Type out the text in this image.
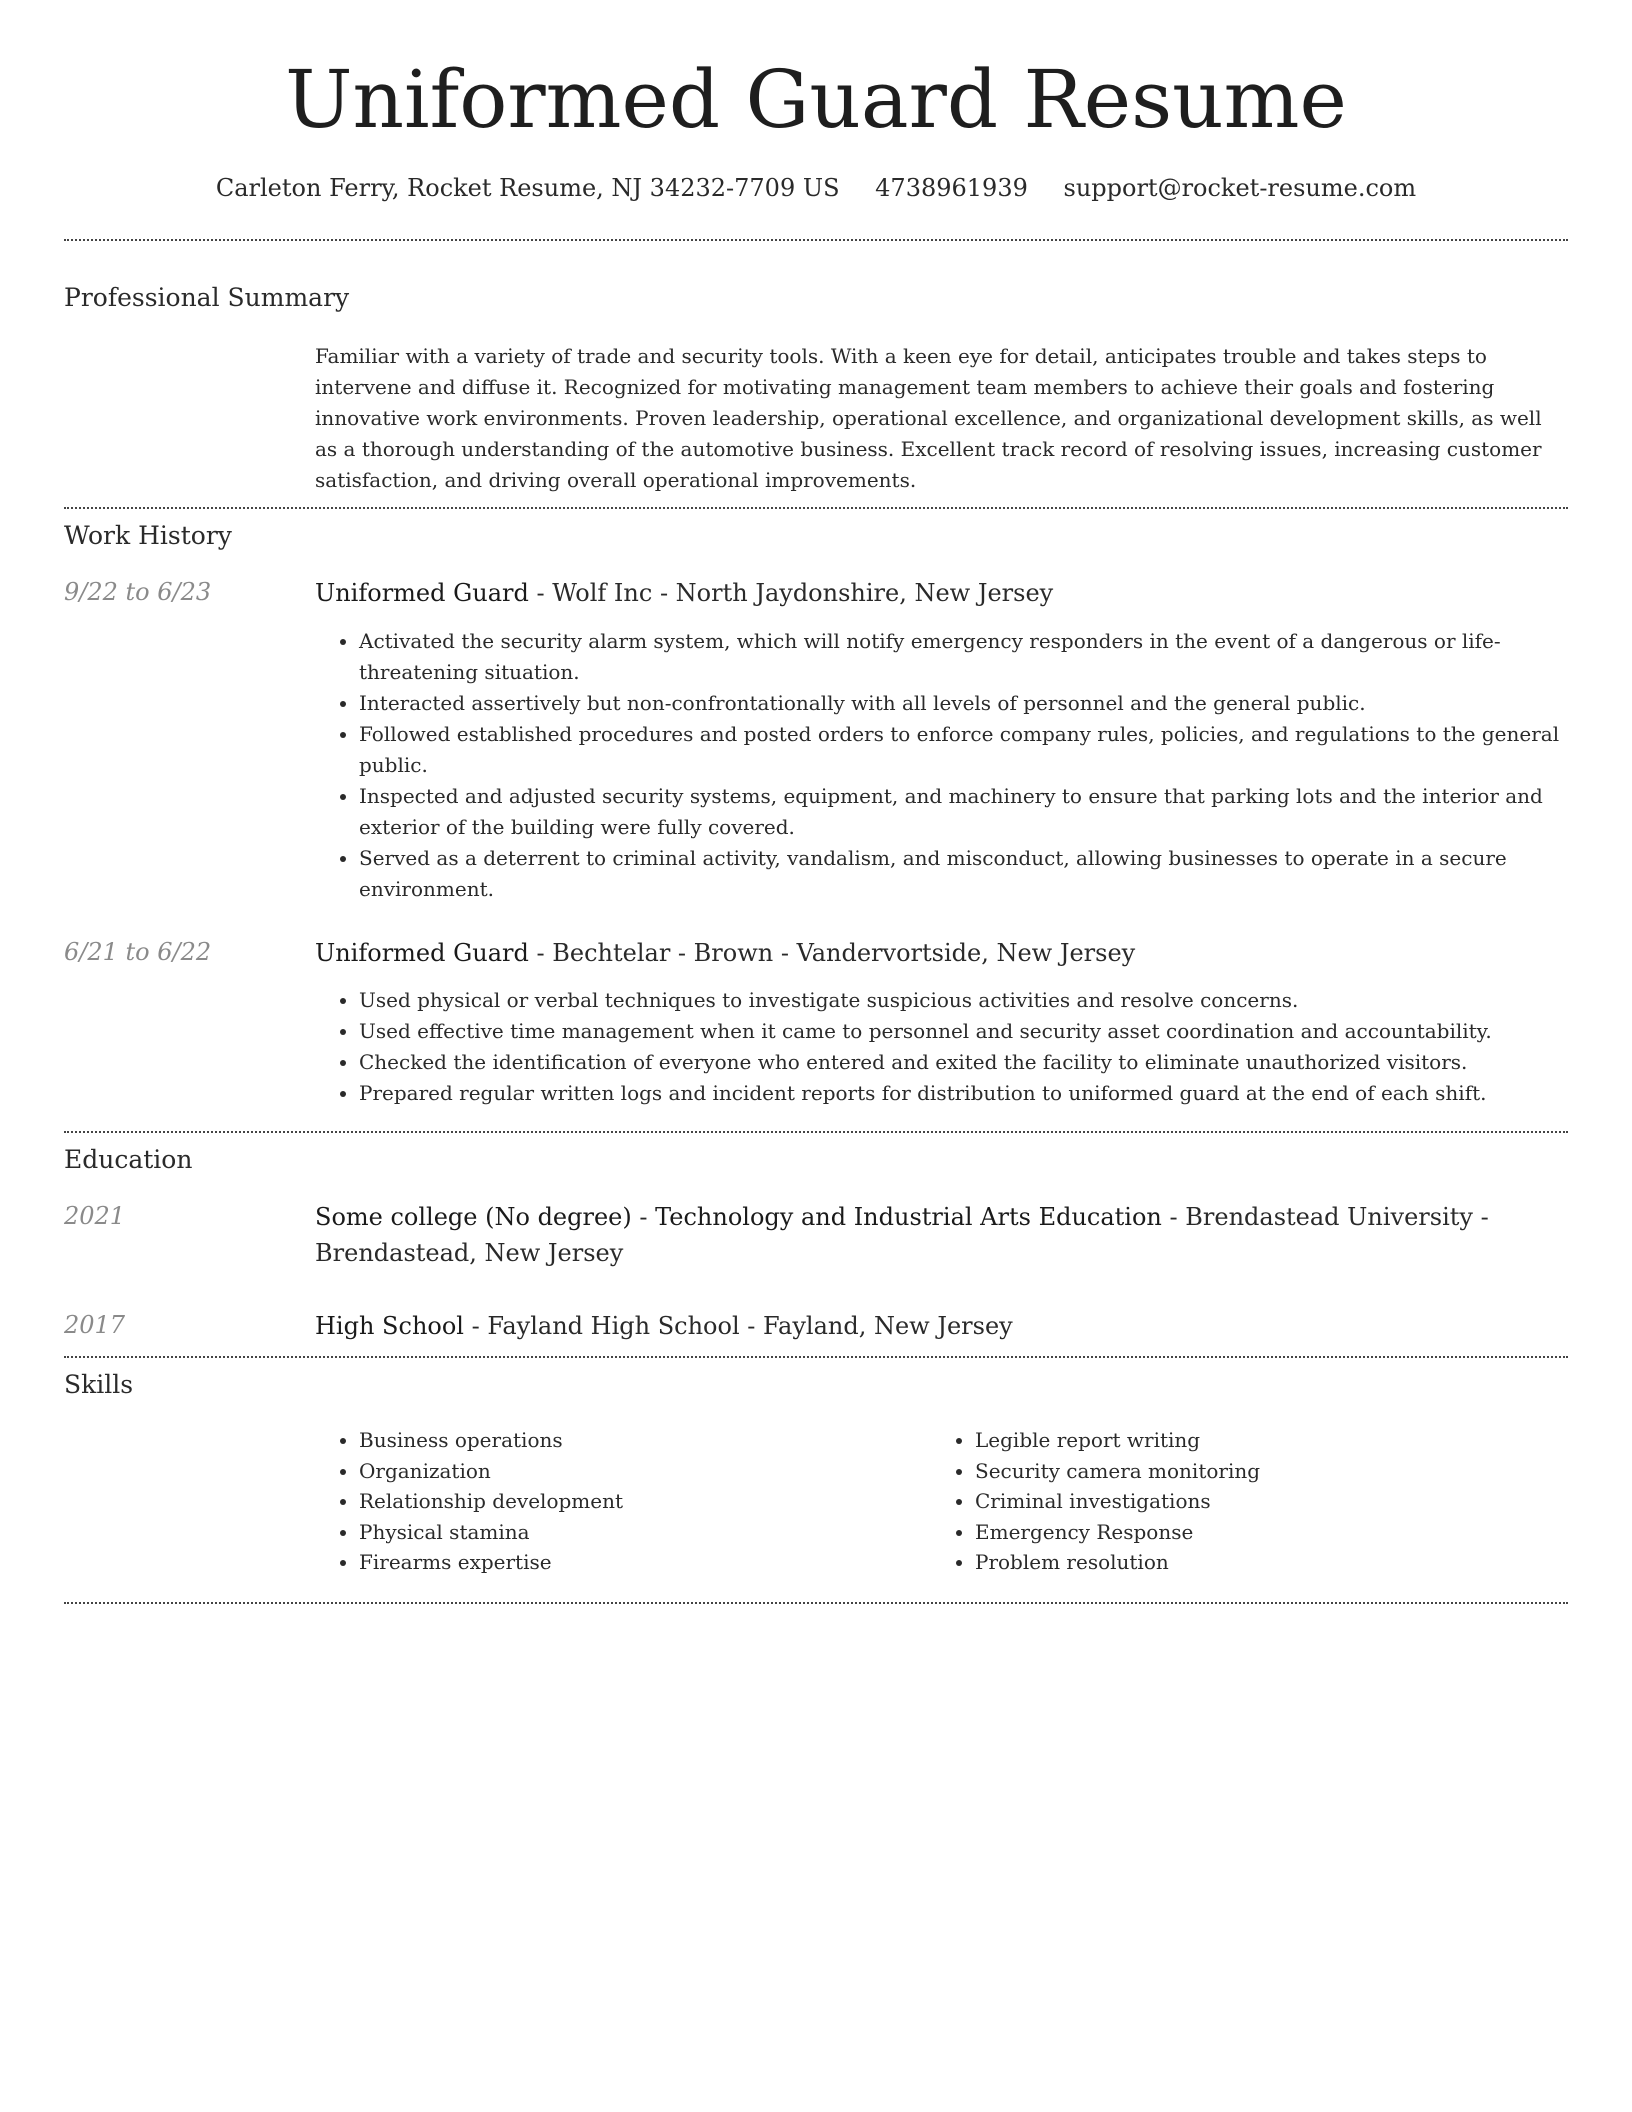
Uniformed Guard Resume
Carleton Ferry, Rocket Resume, NJ 34232-7709 US 4738961939 support@rocket-resume.com
Professional Summary

Familiar with a variety of trade and security tools. With a keen eye for detail, anticipates trouble and takes steps to intervene and diffuse it. Recognized for motivating management team members to achieve their goals and fostering innovative work environments. Proven leadership, operational excellence, and organizational development skills, as well as a thorough understanding of the automotive business. Excellent track record of resolving issues, increasing customer satisfaction, and driving overall operational improvements.

Work History
9/22 to 6/23	Uniformed Guard - Wolf Inc - North Jaydonshire, New Jersey
• Activated the security alarm system, which will notify emergency responders in the event of a dangerous or life-threatening situation.
• Interacted assertively but non-confrontationally with all levels of personnel and the general public.
• Followed established procedures and posted orders to enforce company rules, policies, and regulations to the general public.
• Inspected and adjusted security systems, equipment, and machinery to ensure that parking lots and the interior and exterior of the building were fully covered.
• Served as a deterrent to criminal activity, vandalism, and misconduct, allowing businesses to operate in a secure environment.
6/21 to 6/22	Uniformed Guard - Bechtelar - Brown - Vandervortside, New Jersey
• Used physical or verbal techniques to investigate suspicious activities and resolve concerns.
• Used effective time management when it came to personnel and security asset coordination and accountability.
• Checked the identification of everyone who entered and exited the facility to eliminate unauthorized visitors.
• Prepared regular written logs and incident reports for distribution to uniformed guard at the end of each shift.
Education
2021	Some college (No degree) - Technology and Industrial Arts Education - Brendastead University - Brendastead, New Jersey
2017	High School - Fayland High School - Fayland, New Jersey
Skills
• Business operations
• Organization
• Relationship development
• Physical stamina
• Firearms expertise
• Legible report writing
• Security camera monitoring
• Criminal investigations
• Emergency Response
• Problem resolution
